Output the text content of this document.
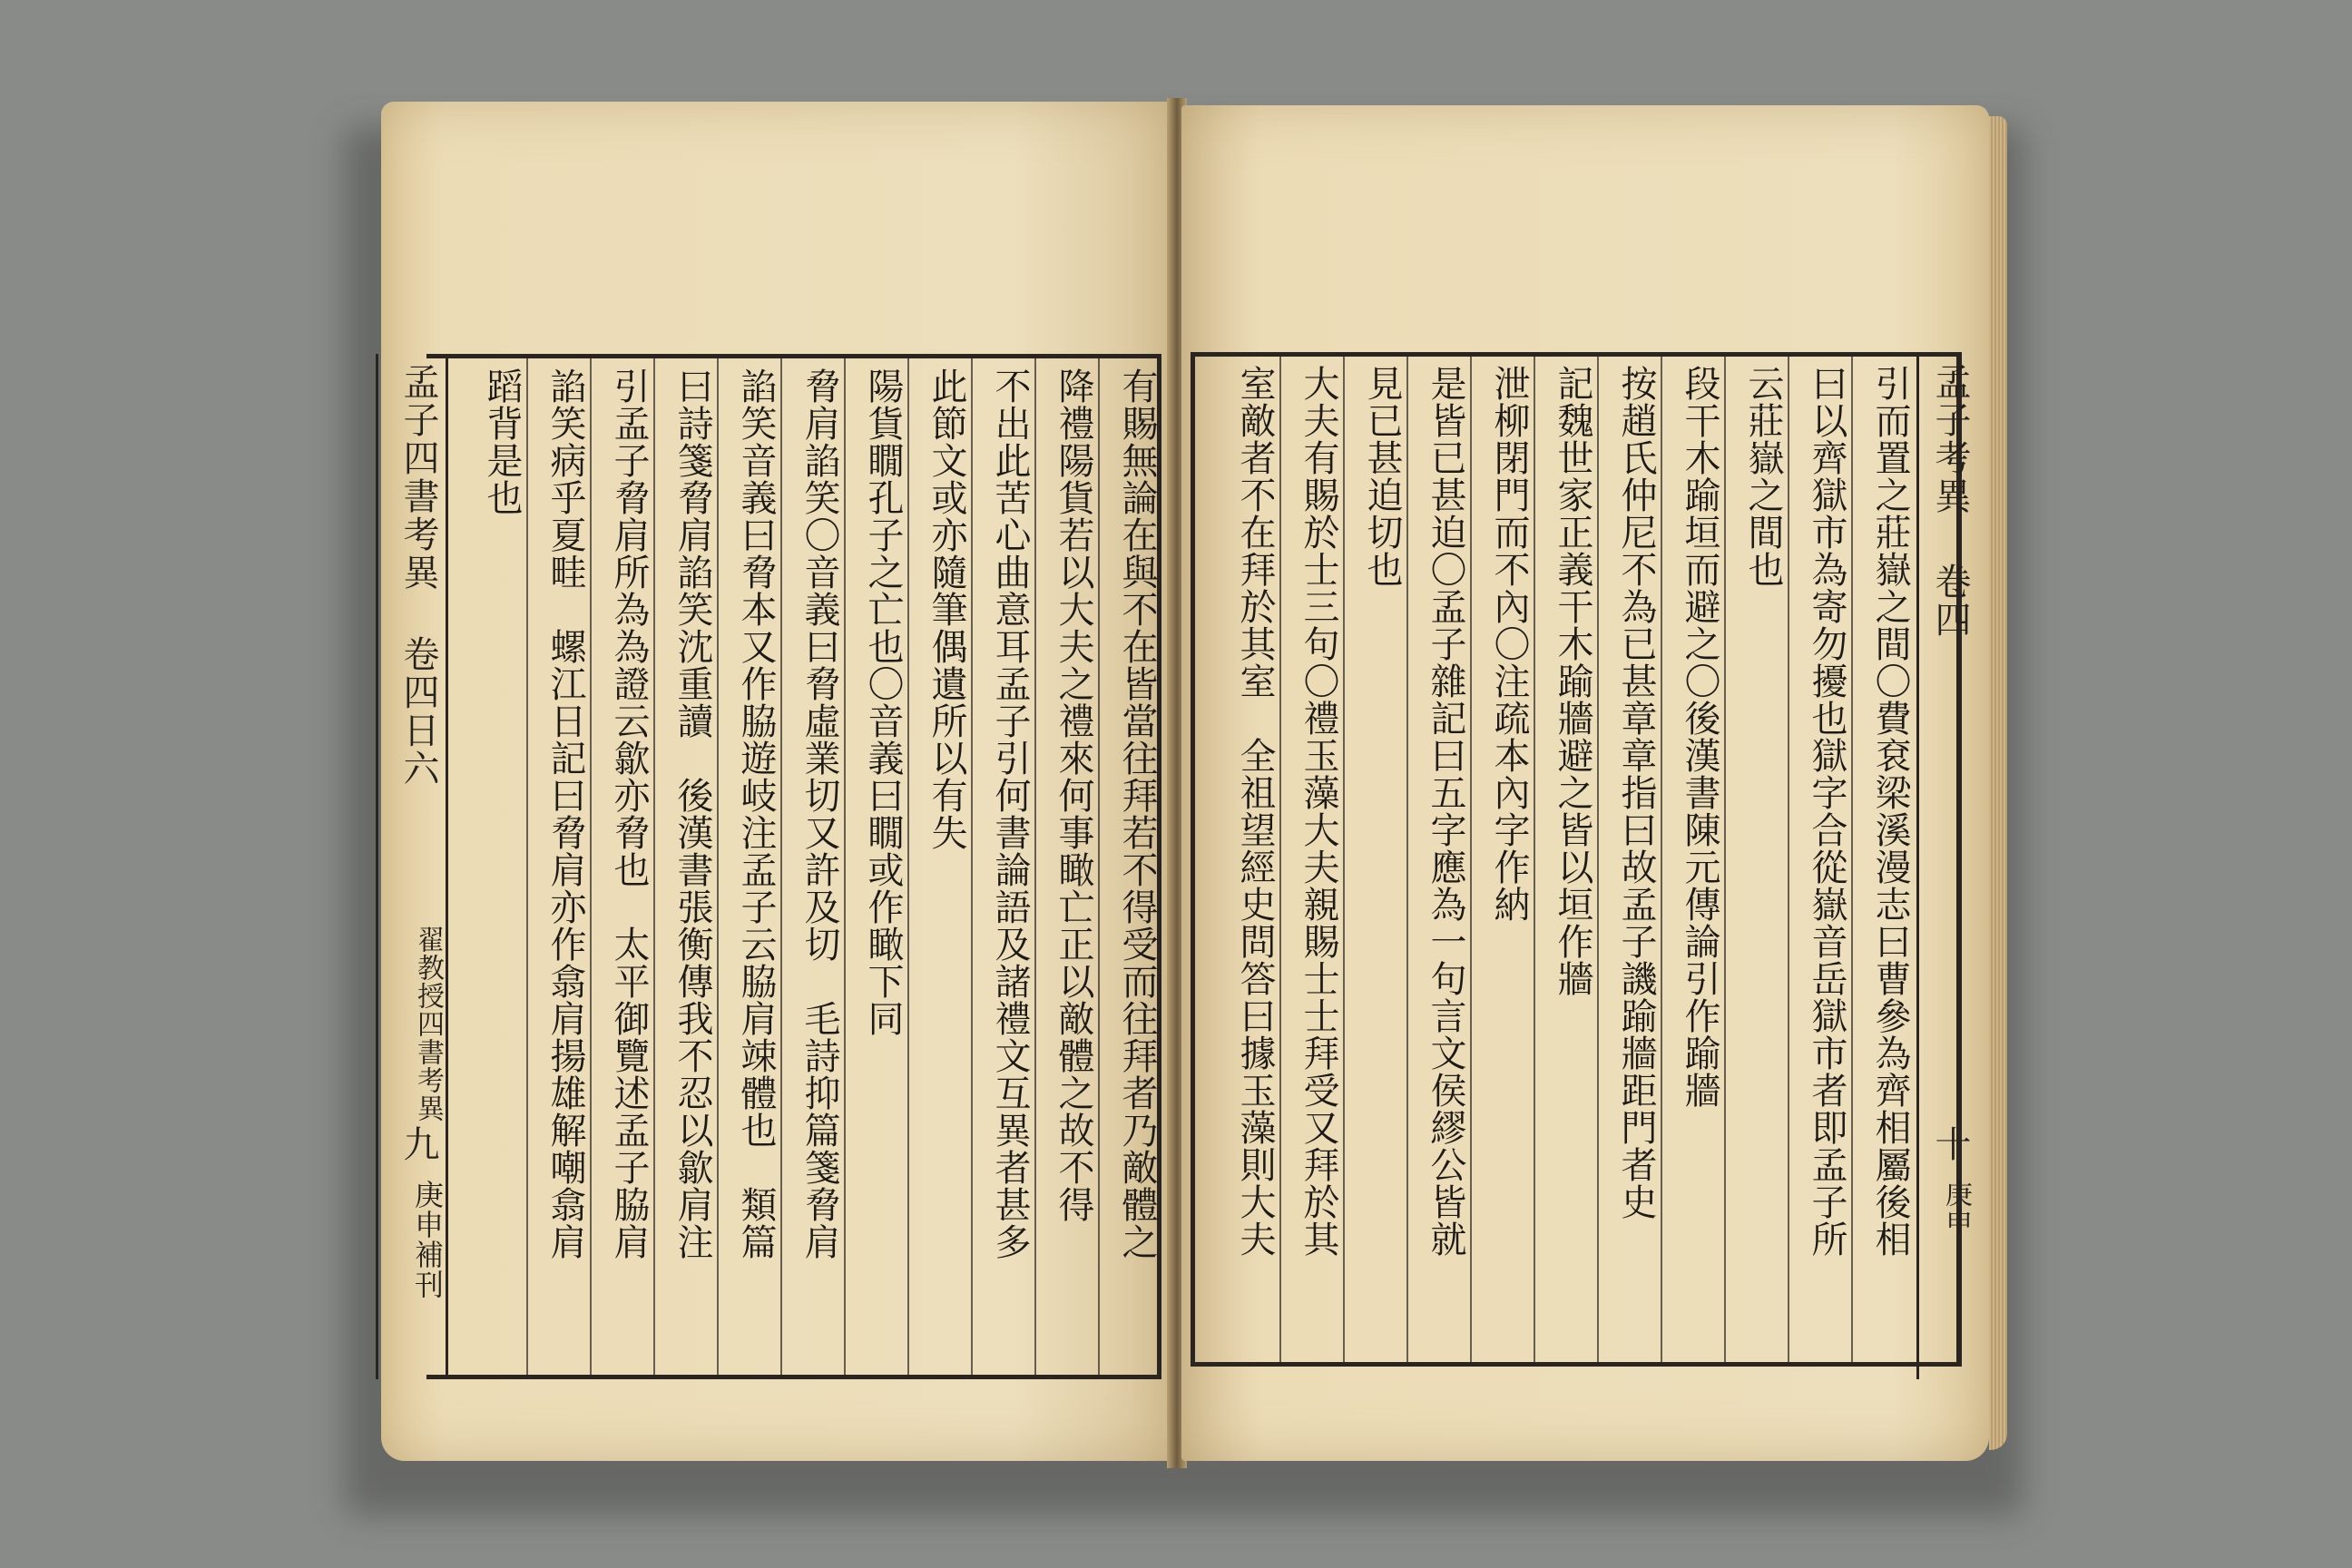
孟子四書考異
卷四日六
翟教授四書考異
九
庚申補刊	有賜無論在與不在皆當往拜若不得受而往拜者乃敵體之
降禮陽貨若以大夫之禮來何事瞰亡正以敵體之故不得
不出此苦心曲意耳孟子引何書論語及諸禮文互異者甚多
此節文或亦隨筆偶遺所以有失
陽貨瞯孔子之亡也〇音義曰瞯或作瞰下同
脅肩諂笑〇音義曰脅虛業切又許及切　毛詩抑篇箋脅肩
諂笑音義曰脅本又作脇遊岐注孟子云脇肩竦體也　類篇
曰詩箋脅肩諂笑沈重讀　後漢書張衡傳我不忍以歙肩注
引孟子脅肩所為為證云歙亦脅也　太平御覽述孟子脇肩
諂笑病乎夏畦　螺江日記曰脅肩亦作翕肩揚雄解嘲翕肩
蹈背是也	孟子考異
卷四
十
庚申
引而置之莊嶽之間〇費袞梁溪漫志曰曹參為齊相屬後相
曰以齊獄市為寄勿擾也獄字合從嶽音岳獄市者即孟子所
云莊嶽之間也
段干木踰垣而避之〇後漢書陳元傳論引作踰牆
按趙氏仲尼不為已甚章章指曰故孟子譏踰牆距門者史
記魏世家正義干木踰牆避之皆以垣作牆
泄柳閉門而不內〇注疏本內字作納
是皆已甚迫〇孟子雜記曰五字應為一句言文侯繆公皆就
見已甚迫切也
大夫有賜於士三句〇禮玉藻大夫親賜士士拜受又拜於其
室敵者不在拜於其室　全祖望經史問答曰據玉藻則大夫
